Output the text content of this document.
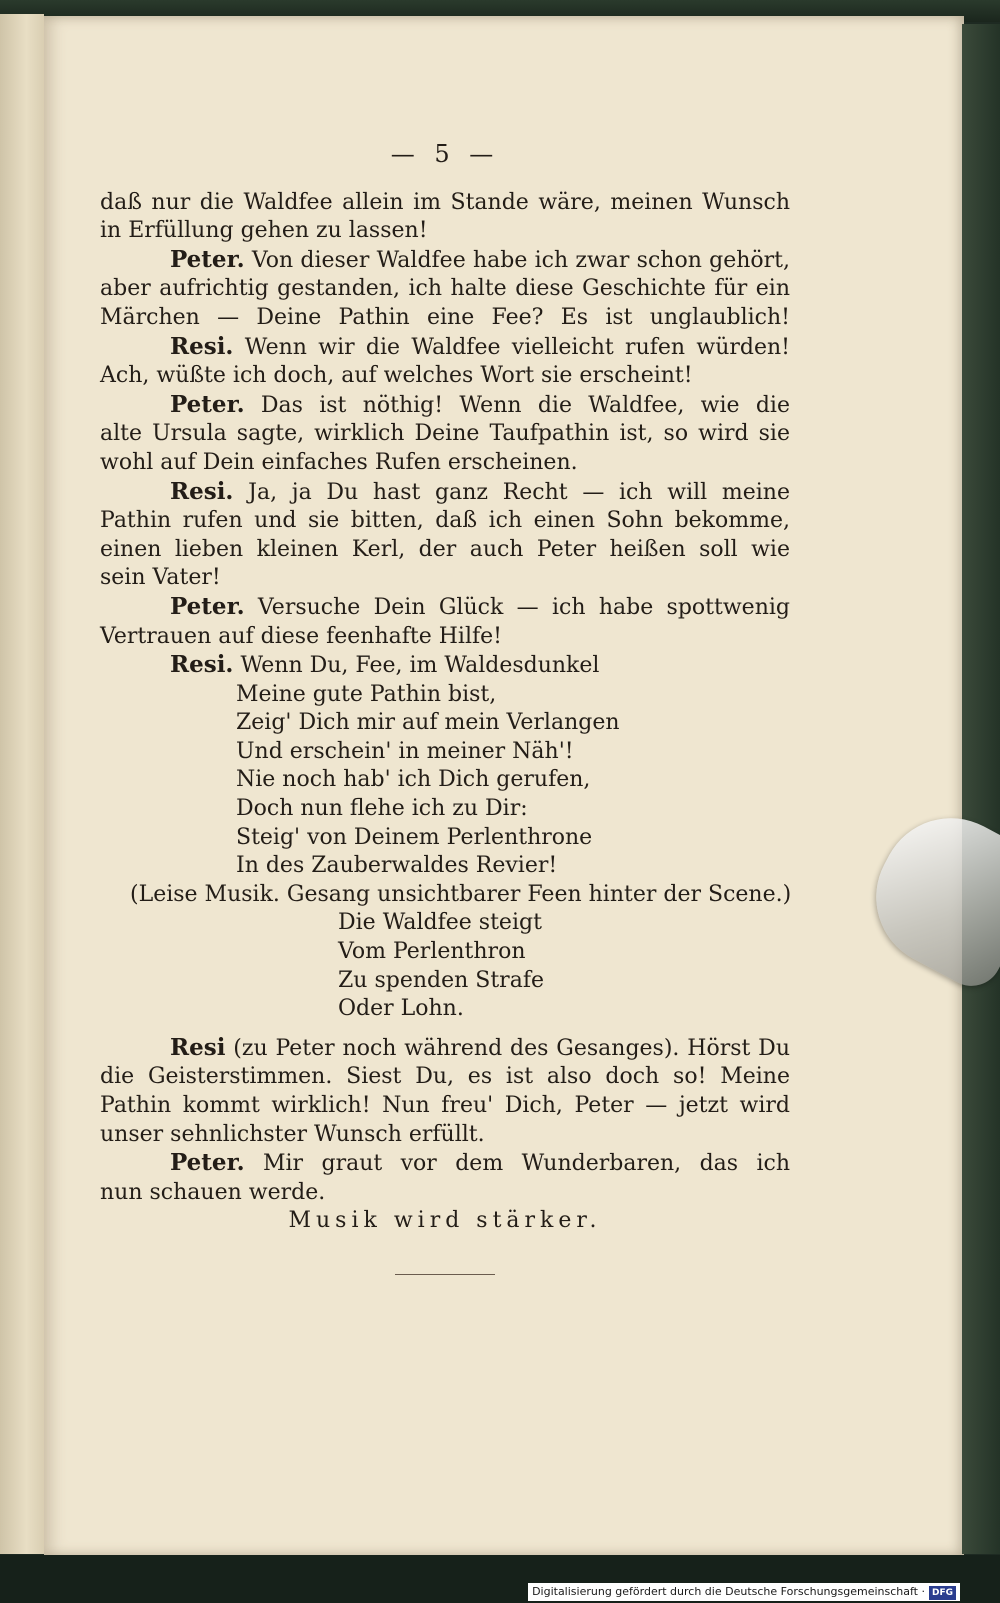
— 5 —
daß nur die Waldfee allein im Stande wäre, meinen Wunsch
in Erfüllung gehen zu lassen!
Peter. Von dieser Waldfee habe ich zwar schon gehört,
aber aufrichtig gestanden, ich halte diese Geschichte für ein
Märchen — Deine Pathin eine Fee? Es ist unglaublich!
Resi. Wenn wir die Waldfee vielleicht rufen würden!
Ach, wüßte ich doch, auf welches Wort sie erscheint!
Peter. Das ist nöthig! Wenn die Waldfee, wie die
alte Ursula sagte, wirklich Deine Taufpathin ist, so wird sie
wohl auf Dein einfaches Rufen erscheinen.
Resi. Ja, ja Du hast ganz Recht — ich will meine
Pathin rufen und sie bitten, daß ich einen Sohn bekomme,
einen lieben kleinen Kerl, der auch Peter heißen soll wie
sein Vater!
Peter. Versuche Dein Glück — ich habe spottwenig
Vertrauen auf diese feenhafte Hilfe!
Resi. Wenn Du, Fee, im Waldesdunkel
Meine gute Pathin bist,
Zeig' Dich mir auf mein Verlangen
Und erschein' in meiner Näh'!
Nie noch hab' ich Dich gerufen,
Doch nun flehe ich zu Dir:
Steig' von Deinem Perlenthrone
In des Zauberwaldes Revier!
(Leise Musik. Gesang unsichtbarer Feen hinter der Scene.)
Die Waldfee steigt
Vom Perlenthron
Zu spenden Strafe
Oder Lohn.
Resi (zu Peter noch während des Gesanges). Hörst Du
die Geisterstimmen. Siest Du, es ist also doch so! Meine
Pathin kommt wirklich! Nun freu' Dich, Peter — jetzt wird
unser sehnlichster Wunsch erfüllt.
Peter. Mir graut vor dem Wunderbaren, das ich
nun schauen werde.
Musik wird stärker.
Digitalisierung gefördert durch die Deutsche Forschungsgemeinschaft · DFG
